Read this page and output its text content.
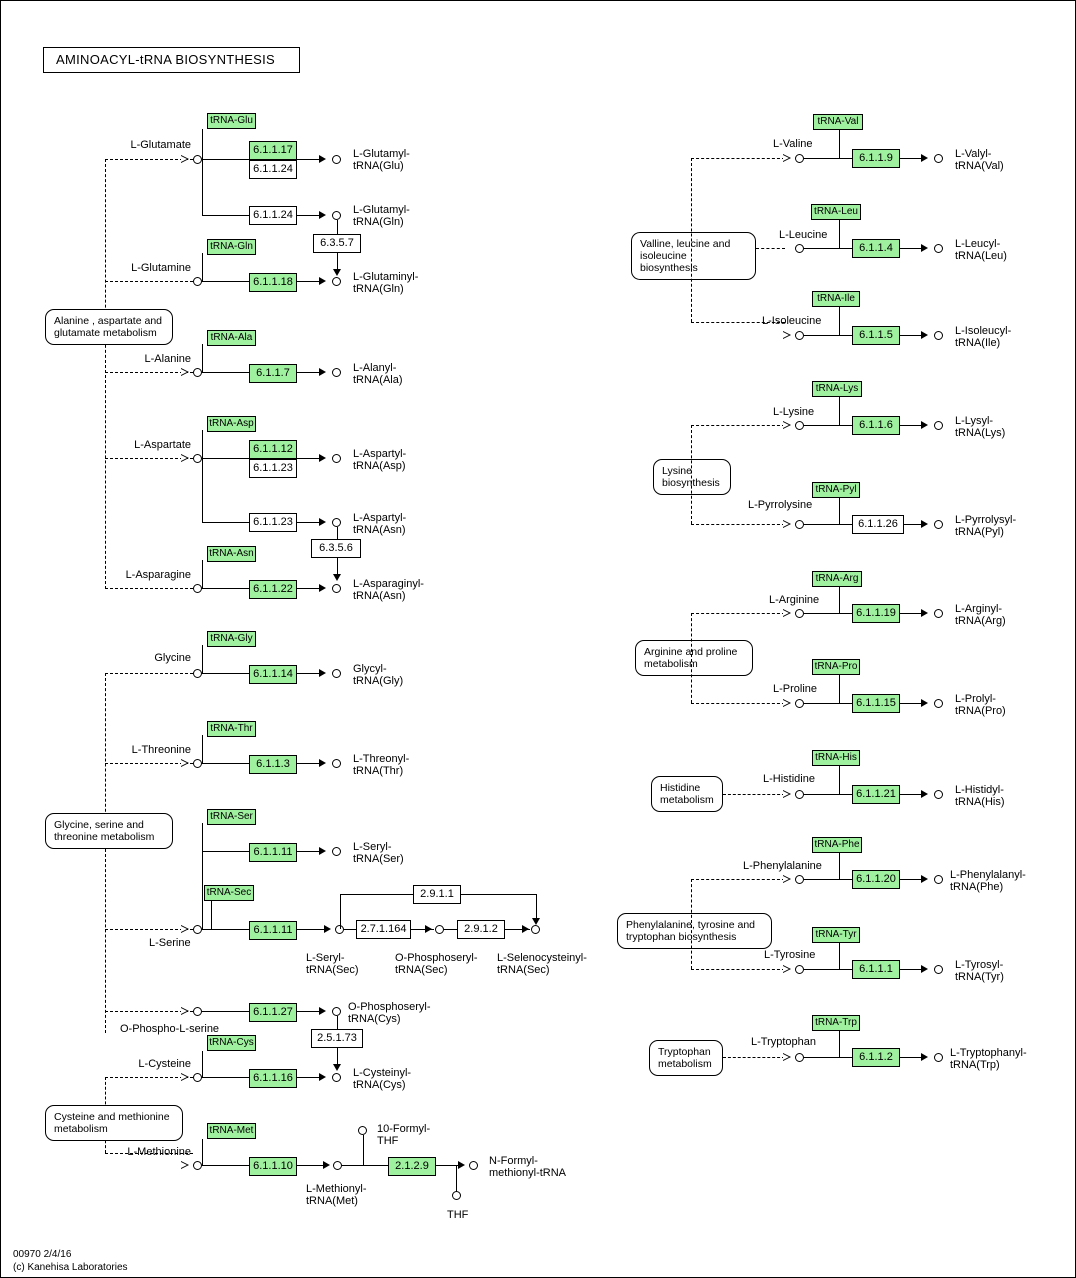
AMINOACYL-tRNA BIOSYNTHESIS
Alanine , aspartate and
glutamate metabolism
Glycine, serine and
threonine metabolism
Cysteine and methionine
metabolism
L-Glutamate
L-Glutamyl-
tRNA(Glu)
tRNA-Glu
6.1.1.17
6.1.1.24
L-Glutamyl-
tRNA(Gln)
6.1.1.24
6.3.5.7
L-Glutamine
L-Glutaminyl-
tRNA(Gln)
tRNA-Gln
6.1.1.18
L-Alanine
L-Alanyl-
tRNA(Ala)
tRNA-Ala
6.1.1.7
L-Aspartate
L-Aspartyl-
tRNA(Asp)
tRNA-Asp
6.1.1.12
6.1.1.23
L-Aspartyl-
tRNA(Asn)
6.1.1.23
6.3.5.6
L-Asparagine
L-Asparaginyl-
tRNA(Asn)
tRNA-Asn
6.1.1.22
Glycine
Glycyl-
tRNA(Gly)
tRNA-Gly
6.1.1.14
L-Threonine
L-Threonyl-
tRNA(Thr)
tRNA-Thr
6.1.1.3
L-Serine
L-Seryl-
tRNA(Ser)
tRNA-Ser
6.1.1.11
tRNA-Sec
6.1.1.11
L-Seryl-
tRNA(Sec)
2.7.1.164
O-Phosphoseryl-
tRNA(Sec)
2.9.1.2
L-Selenocysteinyl-
tRNA(Sec)
2.9.1.1
O-Phospho-L-serine
O-Phosphoseryl-
tRNA(Cys)
6.1.1.27
2.5.1.73
L-Cysteine
L-Cysteinyl-
tRNA(Cys)
tRNA-Cys
6.1.1.16
L-Methionine
tRNA-Met
6.1.1.10
L-Methionyl-
tRNA(Met)
2.1.2.9	N-Formyl-
methionyl-tRNA
10-Formyl-
THF
THF
Valline, leucine and
isoleucine biosynthesis
L-Valine
L-Valyl-
tRNA(Val)
tRNA-Val
6.1.1.9
L-Leucine
L-Leucyl-
tRNA(Leu)
tRNA-Leu
6.1.1.4
L-Isoleucine
L-Isoleucyl-
tRNA(Ile)
tRNA-Ile
6.1.1.5
Lysine
biosynthesis
L-Lysine
L-Lysyl-
tRNA(Lys)
tRNA-Lys
6.1.1.6
L-Pyrrolysine
L-Pyrrolysyl-
tRNA(Pyl)
tRNA-Pyl
6.1.1.26
Arginine and proline
metabolism
L-Arginine
L-Arginyl-
tRNA(Arg)
tRNA-Arg
6.1.1.19
L-Proline
L-Prolyl-
tRNA(Pro)
tRNA-Pro
6.1.1.15
Histidine
metabolism
L-Histidine
L-Histidyl-
tRNA(His)
tRNA-His
6.1.1.21
Phenylalanine, tyrosine and
tryptophan biosynthesis
L-Phenylalanine
L-Phenylalanyl-
tRNA(Phe)
tRNA-Phe
6.1.1.20
L-Tyrosine
L-Tyrosyl-
tRNA(Tyr)
tRNA-Tyr
6.1.1.1
Tryptophan
metabolism
L-Tryptophan
L-Tryptophanyl-
tRNA(Trp)
tRNA-Trp
6.1.1.2
00970 2/4/16
(c) Kanehisa Laboratories
